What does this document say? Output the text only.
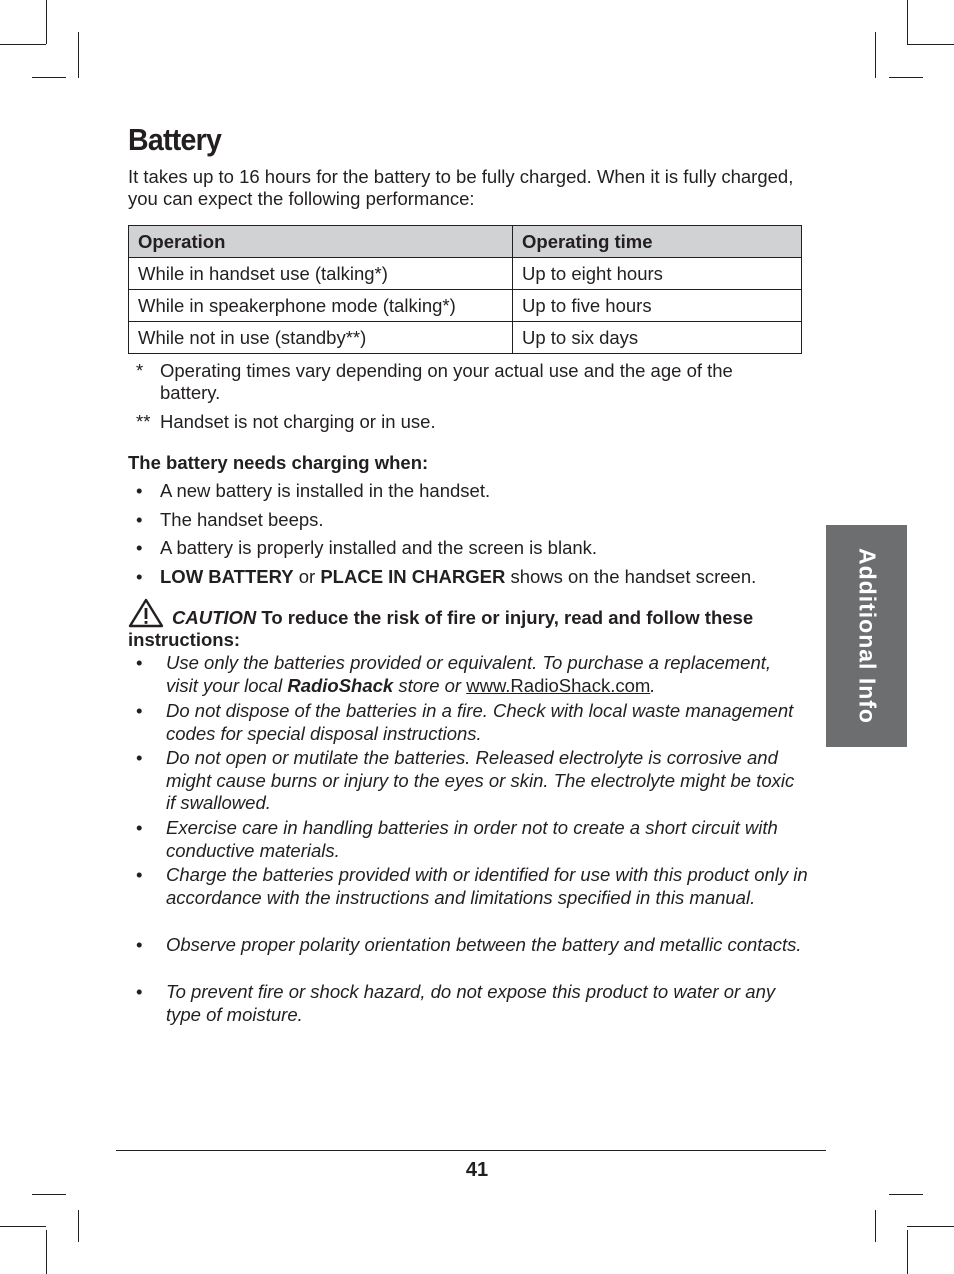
Battery

It takes up to 16 hours for the battery to be fully charged. When it is fully charged, you can expect the following performance:

Operation	Operating time
While in handset use (talking*)	Up to eight hours
While in speakerphone mode (talking*)	Up to five hours
While not in use (standby**)	Up to six days
* Operating times vary depending on your actual use and the age of the battery.
** Handset is not charging or in use.

The battery needs charging when:

• A new battery is installed in the handset.
• The handset beeps.
• A battery is properly installed and the screen is blank.
• LOW BATTERY or PLACE IN CHARGER shows on the handset screen.
CAUTION To reduce the risk of fire or injury, read and follow these instructions:
•	Use only the batteries provided or equivalent. To purchase a replacement, visit your local RadioShack store or www.RadioShack.com.
•	Do not dispose of the batteries in a fire. Check with local waste management codes for special disposal instructions.
•	Do not open or mutilate the batteries. Released electrolyte is corrosive and might cause burns or injury to the eyes or skin. The electrolyte might be toxic if swallowed.
•	Exercise care in handling batteries in order not to create a short circuit with conductive materials.
•	Charge the batteries provided with or identified for use with this product only in accordance with the instructions and limitations specified in this manual.
•	Observe proper polarity orientation between the battery and metallic contacts.
•	To prevent fire or shock hazard, do not expose this product to water or any type of moisture.
Additional Info
41
